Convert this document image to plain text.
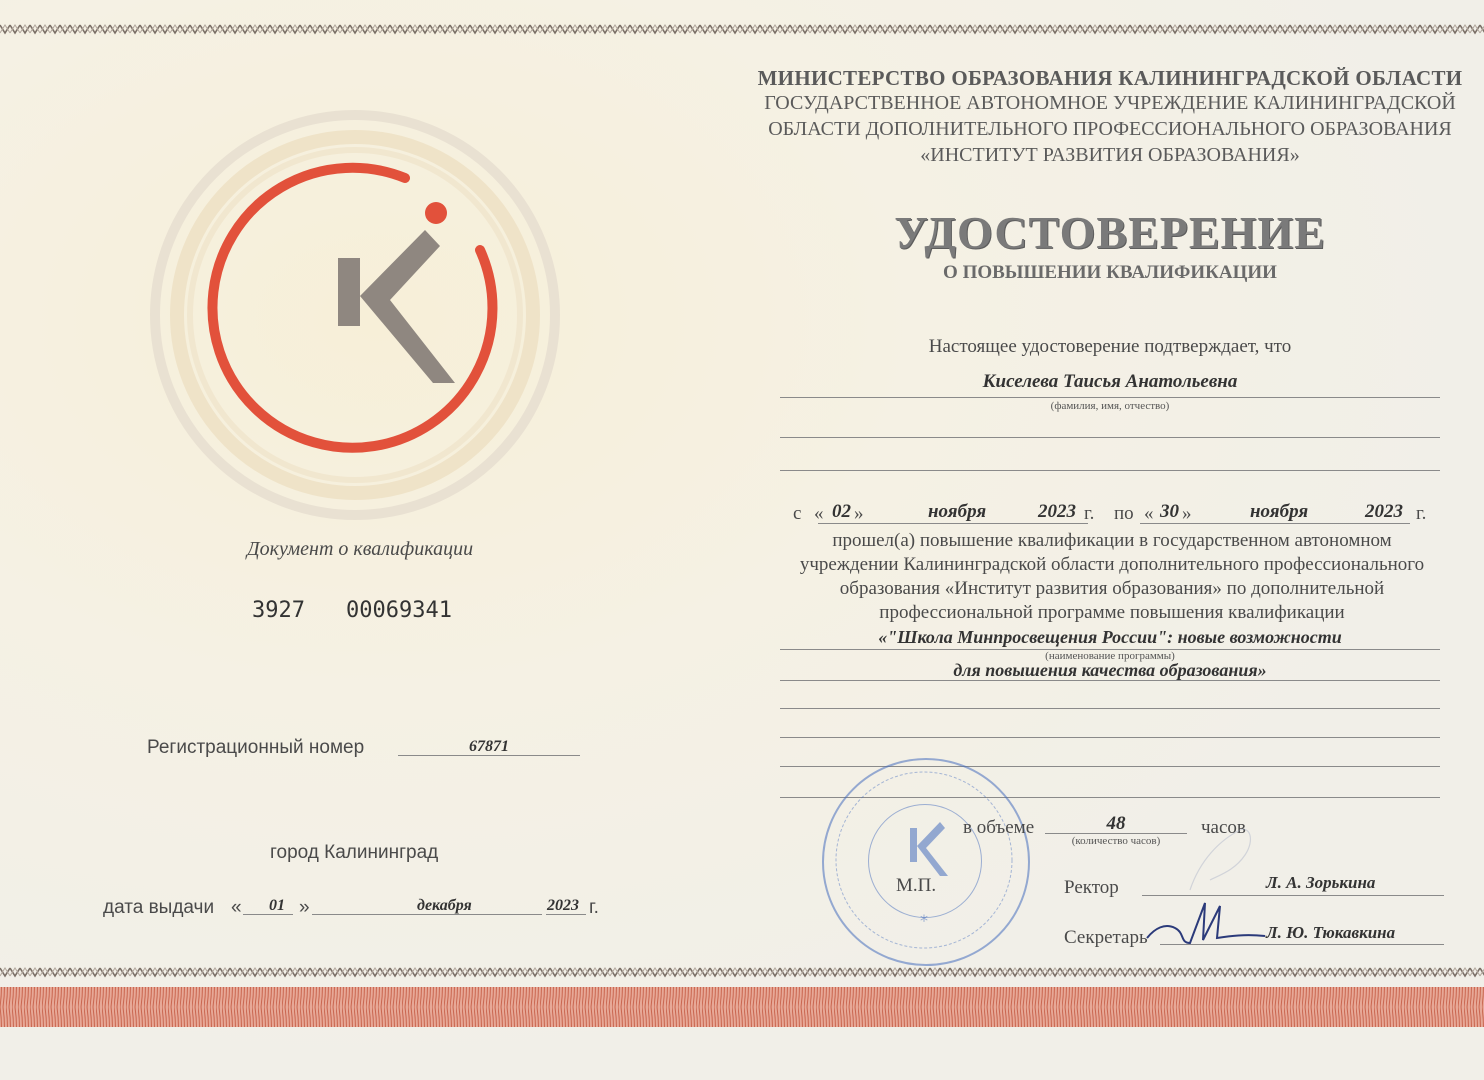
МИНИСТЕРСТВО ОБРАЗОВАНИЯ КАЛИНИНГРАДСКОЙ ОБЛАСТИ
ГОСУДАРСТВЕННОЕ АВТОНОМНОЕ УЧРЕЖДЕНИЕ КАЛИНИНГРАДСКОЙ
ОБЛАСТИ ДОПОЛНИТЕЛЬНОГО ПРОФЕССИОНАЛЬНОГО ОБРАЗОВАНИЯ
«ИНСТИТУТ РАЗВИТИЯ ОБРАЗОВАНИЯ»
УДОСТОВЕРЕНИЕ
О ПОВЫШЕНИИ КВАЛИФИКАЦИИ
Настоящее удостоверение подтверждает, что
Киселева Таисья Анатольевна
(фамилия, имя, отчество)
с « 02 »	ноября	2023 г. по « 30 »	ноября	2023 г.
прошел(а) повышение квалификации в государственном автономном
учреждении Калининградской области дополнительного профессионального
образования «Институт развития образования» по дополнительной
профессиональной программе повышения квалификации
«"Школа Минпросвещения России": новые возможности
(наименование программы)
для повышения качества образования»
*
в объеме	48
(количество часов)
часов
М.П.	Ректор	Л. А. Зорькина
Секретарь	Л. Ю. Тюкавкина
Документ о квалификации
3927 00069341
Регистрационный номер	67871
город Калининград
дата выдачи « 01 »	декабря	2023 г.
